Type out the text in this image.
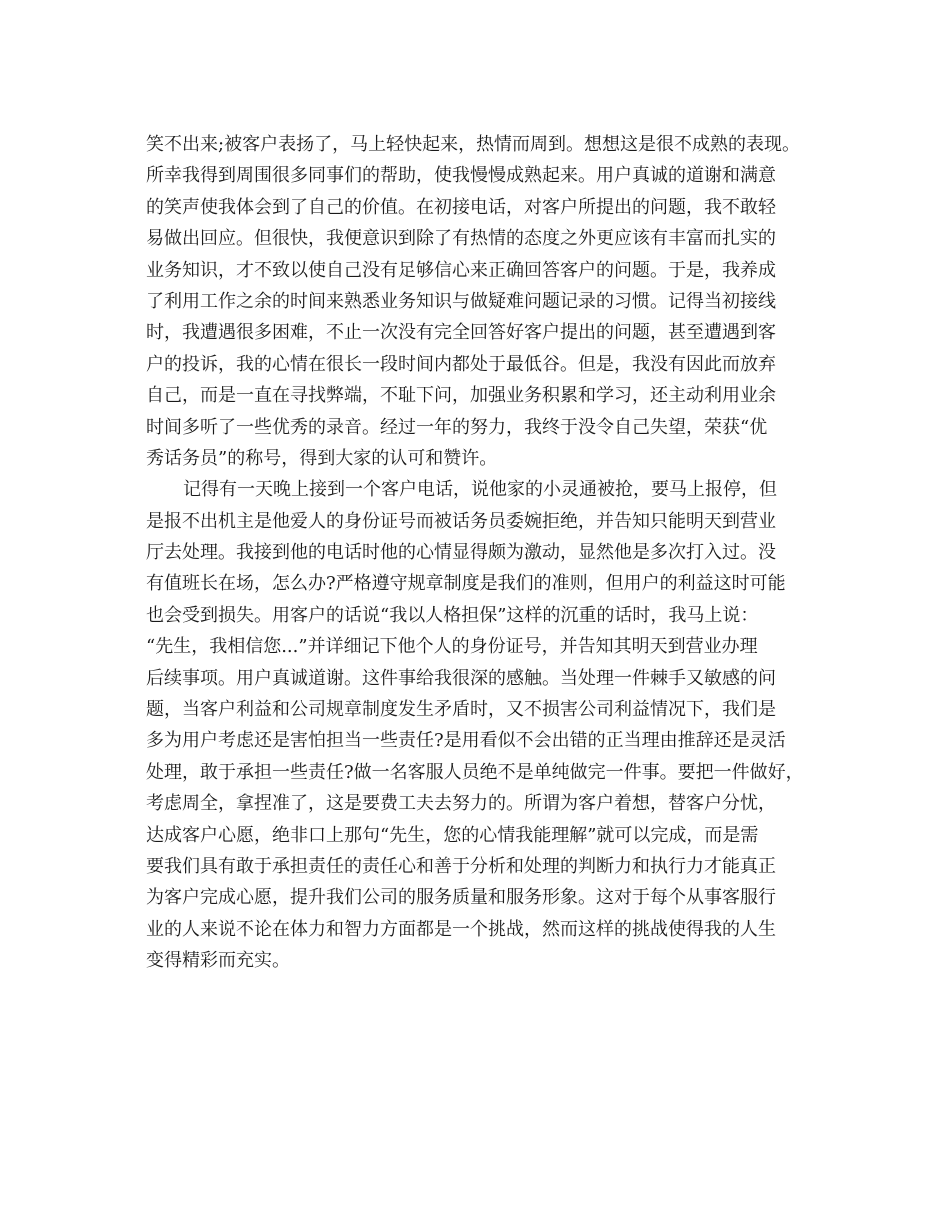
笑不出来;被客户表扬了，马上轻快起来，热情而周到。想想这是很不成熟的表现。
所幸我得到周围很多同事们的帮助，使我慢慢成熟起来。用户真诚的道谢和满意
的笑声使我体会到了自己的价值。在初接电话，对客户所提出的问题，我不敢轻
易做出回应。但很快，我便意识到除了有热情的态度之外更应该有丰富而扎实的
业务知识，才不致以使自己没有足够信心来正确回答客户的问题。于是，我养成
了利用工作之余的时间来熟悉业务知识与做疑难问题记录的习惯。记得当初接线
时，我遭遇很多困难，不止一次没有完全回答好客户提出的问题，甚至遭遇到客
户的投诉，我的心情在很长一段时间内都处于最低谷。但是，我没有因此而放弃
自己，而是一直在寻找弊端，不耻下问，加强业务积累和学习，还主动利用业余
时间多听了一些优秀的录音。经过一年的努力，我终于没令自己失望，荣获“优
秀话务员”的称号，得到大家的认可和赞许。
记得有一天晚上接到一个客户电话，说他家的小灵通被抢，要马上报停，但
是报不出机主是他爱人的身份证号而被话务员委婉拒绝，并告知只能明天到营业
厅去处理。我接到他的电话时他的心情显得颇为激动，显然他是多次打入过。没
有值班长在场，怎么办?严格遵守规章制度是我们的准则，但用户的利益这时可能
也会受到损失。用客户的话说“我以人格担保”这样的沉重的话时，我马上说：
“先生，我相信您...”并详细记下他个人的身份证号，并告知其明天到营业办理
后续事项。用户真诚道谢。这件事给我很深的感触。当处理一件棘手又敏感的问
题，当客户利益和公司规章制度发生矛盾时，又不损害公司利益情况下，我们是
多为用户考虑还是害怕担当一些责任?是用看似不会出错的正当理由推辞还是灵活
处理，敢于承担一些责任?做一名客服人员绝不是单纯做完一件事。要把一件做好，
考虑周全，拿捏准了，这是要费工夫去努力的。所谓为客户着想，替客户分忧，
达成客户心愿，绝非口上那句“先生，您的心情我能理解”就可以完成，而是需
要我们具有敢于承担责任的责任心和善于分析和处理的判断力和执行力才能真正
为客户完成心愿，提升我们公司的服务质量和服务形象。这对于每个从事客服行
业的人来说不论在体力和智力方面都是一个挑战，然而这样的挑战使得我的人生
变得精彩而充实。
